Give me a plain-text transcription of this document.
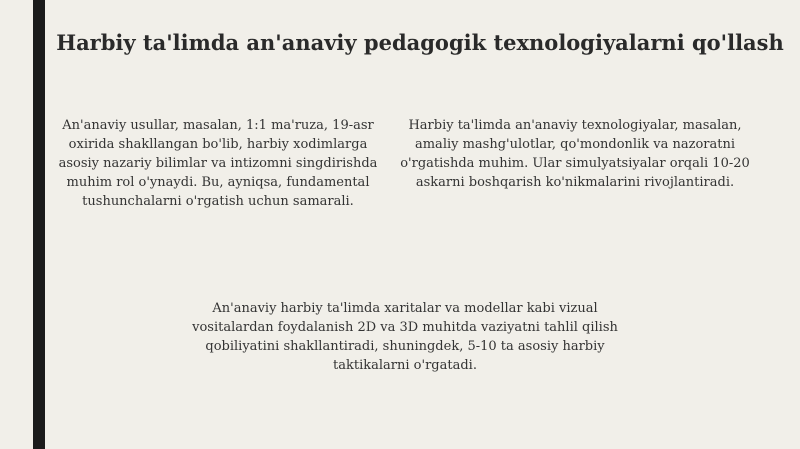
Harbiy ta'limda an'anaviy pedagogik texnologiyalarni qo'llash
An'anaviy usullar, masalan, 1:1 ma'ruza, 19-asr oxirida shakllangan bo'lib, harbiy xodimlarga asosiy nazariy bilimlar va intizomni singdirishda muhim rol o'ynaydi. Bu, ayniqsa, fundamental tushunchalarni o'rgatish uchun samarali.
Harbiy ta'limda an'anaviy texnologiyalar, masalan, amaliy mashg'ulotlar, qo'mondonlik va nazoratni o'rgatishda muhim. Ular simulyatsiyalar orqali 10-20 askarni boshqarish ko'nikmalarini rivojlantiradi.
An'anaviy harbiy ta'limda xaritalar va modellar kabi vizual vositalardan foydalanish 2D va 3D muhitda vaziyatni tahlil qilish qobiliyatini shakllantiradi, shuningdek, 5-10 ta asosiy harbiy taktikalarni o'rgatadi.
